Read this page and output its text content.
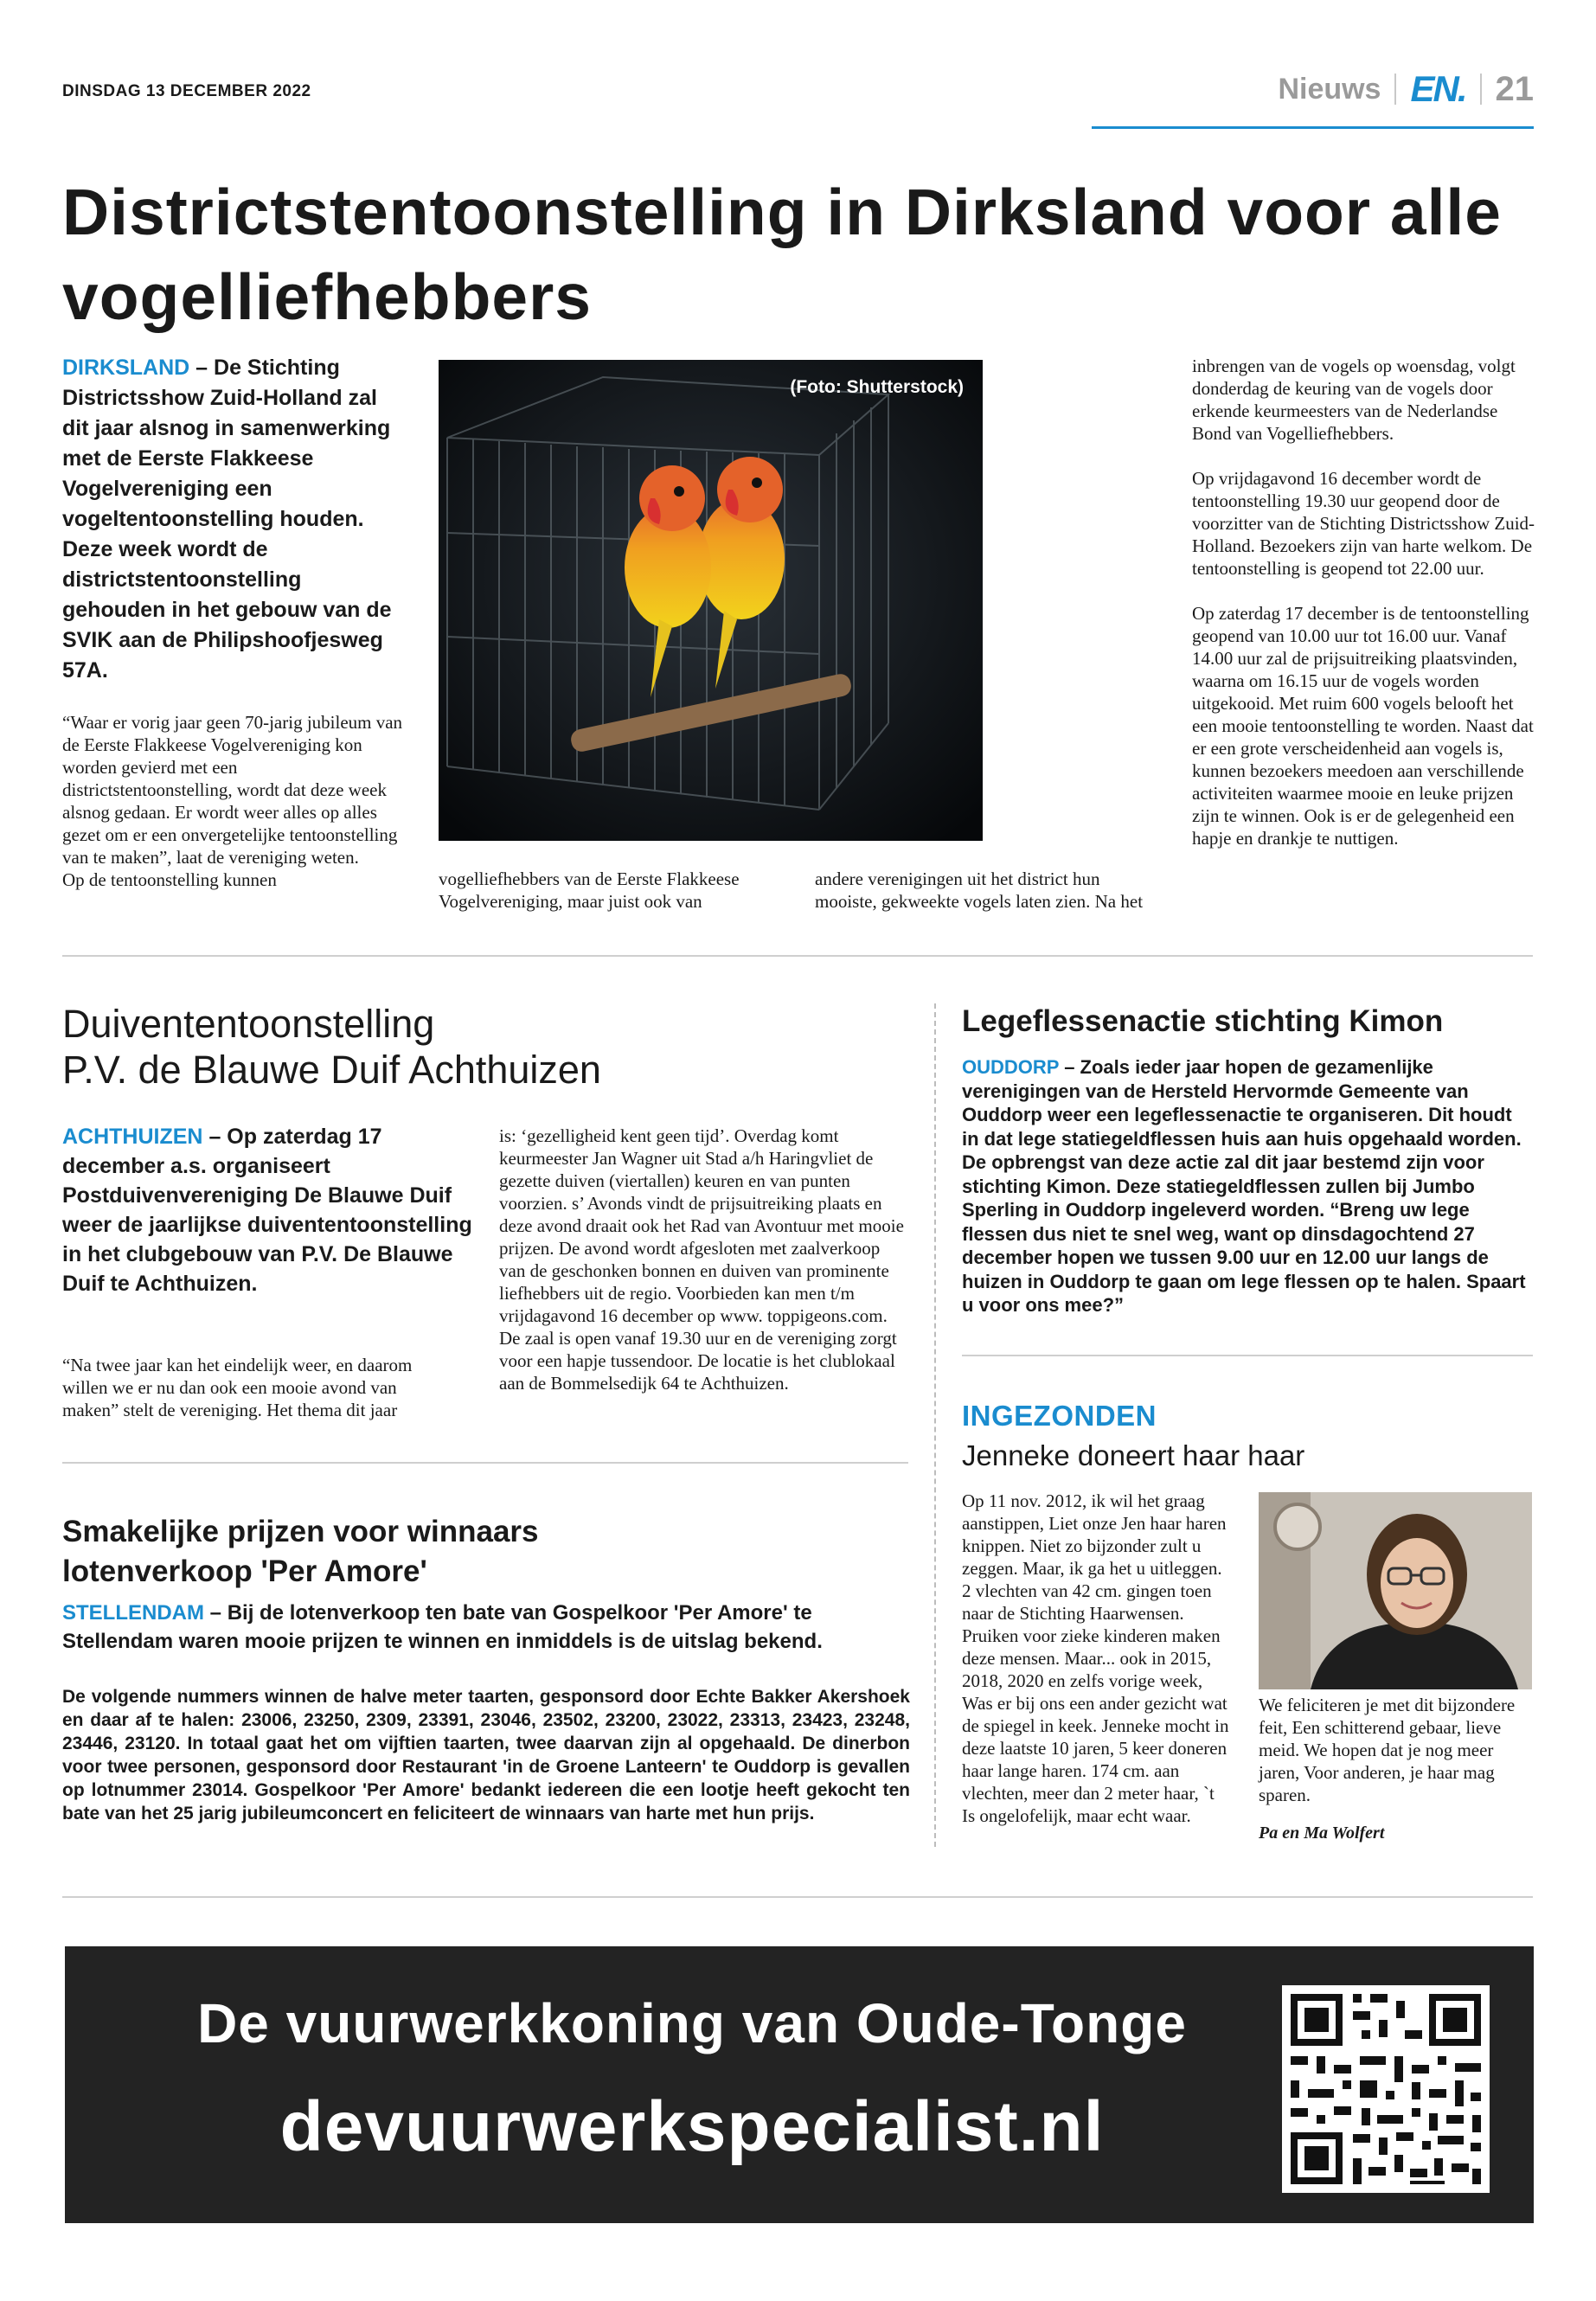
DINSDAG 13 DECEMBER 2022	Nieuws EN. 21
Districtstentoonstelling in Dirksland voor alle vogelliefhebbers
DIRKSLAND – De Stichting Districtsshow Zuid-Holland zal dit jaar alsnog in samenwerking met de Eerste Flakkeese Vogelvereniging een vogeltentoonstelling houden. Deze week wordt de districtstentoonstelling gehouden in het gebouw van de SVIK aan de Philipshoofjesweg 57A.
“Waar er vorig jaar geen 70-jarig jubileum van de Eerste Flakkeese Vogelvereniging kon worden gevierd met een districtstentoonstelling, wordt dat deze week alsnog gedaan. Er wordt weer alles op alles gezet om er een onvergetelijke tentoonstelling van te maken”, laat de vereniging weten.
Op de tentoonstelling kunnen
(Foto: Shutterstock)
vogelliefhebbers van de Eerste Flakkeese Vogelvereniging, maar juist ook van
andere verenigingen uit het district hun mooiste, gekweekte vogels laten zien. Na het

inbrengen van de vogels op woensdag, volgt donderdag de keuring van de vogels door erkende keurmeesters van de Nederlandse Bond van Vogelliefhebbers.

Op vrijdagavond 16 december wordt de tentoonstelling 19.30 uur geopend door de voorzitter van de Stichting Districtsshow Zuid-Holland. Bezoekers zijn van harte welkom. De tentoonstelling is geopend tot 22.00 uur.

Op zaterdag 17 december is de tentoonstelling geopend van 10.00 uur tot 16.00 uur. Vanaf 14.00 uur zal de prijsuitreiking plaatsvinden, waarna om 16.15 uur de vogels worden uitgekooid. Met ruim 600 vogels belooft het een mooie tentoonstelling te worden. Naast dat er een grote verscheidenheid aan vogels is, kunnen bezoekers meedoen aan verschillende activiteiten waarmee mooie en leuke prijzen zijn te winnen. Ook is er de gelegenheid een hapje en drankje te nuttigen.

Duivententoonstelling
P.V. de Blauwe Duif Achthuizen
ACHTHUIZEN – Op zaterdag 17 december a.s. organiseert Postduivenvereniging De Blauwe Duif weer de jaarlijkse duivententoonstelling in het clubgebouw van P.V. De Blauwe Duif te Achthuizen.
“Na twee jaar kan het eindelijk weer, en daarom willen we er nu dan ook een mooie avond van maken” stelt de vereniging. Het thema dit jaar
is: ‘gezelligheid kent geen tijd’. Overdag komt keurmeester Jan Wagner uit Stad a/h Haringvliet de gezette duiven (viertallen) keuren en van punten voorzien. s’ Avonds vindt de prijsuitreiking plaats en deze avond draait ook het Rad van Avontuur met mooie prijzen. De avond wordt afgesloten met zaalverkoop van de geschonken bonnen en duiven van prominente liefhebbers uit de regio. Voorbieden kan men t/m vrijdagavond 16 december op www. toppigeons.com. De zaal is open vanaf 19.30 uur en de vereniging zorgt voor een hapje tussendoor. De locatie is het clublokaal aan de Bommelsedijk 64 te Achthuizen.
Smakelijke prijzen voor winnaars
lotenverkoop 'Per Amore'
STELLENDAM – Bij de lotenverkoop ten bate van Gospelkoor 'Per Amore' te Stellendam waren mooie prijzen te winnen en inmiddels is de uitslag bekend.
De volgende nummers winnen de halve meter taarten, gesponsord door Echte Bakker Akershoek en daar af te halen: 23006, 23250, 2309, 23391, 23046, 23502, 23200, 23022, 23313, 23423, 23248, 23446, 23120. In totaal gaat het om vijftien taarten, twee daarvan zijn al opgehaald. De dinerbon voor twee personen, gesponsord door Restaurant 'in de Groene Lanteern' te Ouddorp is gevallen op lotnummer 23014. Gospelkoor 'Per Amore' bedankt iedereen die een lootje heeft gekocht ten bate van het 25 jarig jubileumconcert en feliciteert de winnaars van harte met hun prijs.
Legeflessenactie stichting Kimon
OUDDORP – Zoals ieder jaar hopen de gezamenlijke verenigingen van de Hersteld Hervormde Gemeente van Ouddorp weer een legeflessenactie te organiseren. Dit houdt in dat lege statiegeldflessen huis aan huis opgehaald worden. De opbrengst van deze actie zal dit jaar bestemd zijn voor stichting Kimon. Deze statiegeldflessen zullen bij Jumbo Sperling in Ouddorp ingeleverd worden. “Breng uw lege flessen dus niet te snel weg, want op dinsdagochtend 27 december hopen we tussen 9.00 uur en 12.00 uur langs de huizen in Ouddorp te gaan om lege flessen op te halen. Spaart u voor ons mee?”
INGEZONDEN
Jenneke doneert haar haar
Op 11 nov. 2012, ik wil het graag aanstippen, Liet onze Jen haar haren knippen. Niet zo bijzonder zult u zeggen. Maar, ik ga het u uitleggen. 2 vlechten van 42 cm. gingen toen naar de Stichting Haarwensen. Pruiken voor zieke kinderen maken deze mensen. Maar... ook in 2015, 2018, 2020 en zelfs vorige week, Was er bij ons een ander gezicht wat de spiegel in keek. Jenneke mocht in deze laatste 10 jaren, 5 keer doneren haar lange haren. 174 cm. aan vlechten, meer dan 2 meter haar, `t Is ongelofelijk, maar echt waar.
We feliciteren je met dit bijzondere feit, Een schitterend gebaar, lieve meid. We hopen dat je nog meer jaren, Voor anderen, je haar mag sparen.
Pa en Ma Wolfert
De vuurwerkkoning van Oude-Tonge
devuurwerkspecialist.nl
